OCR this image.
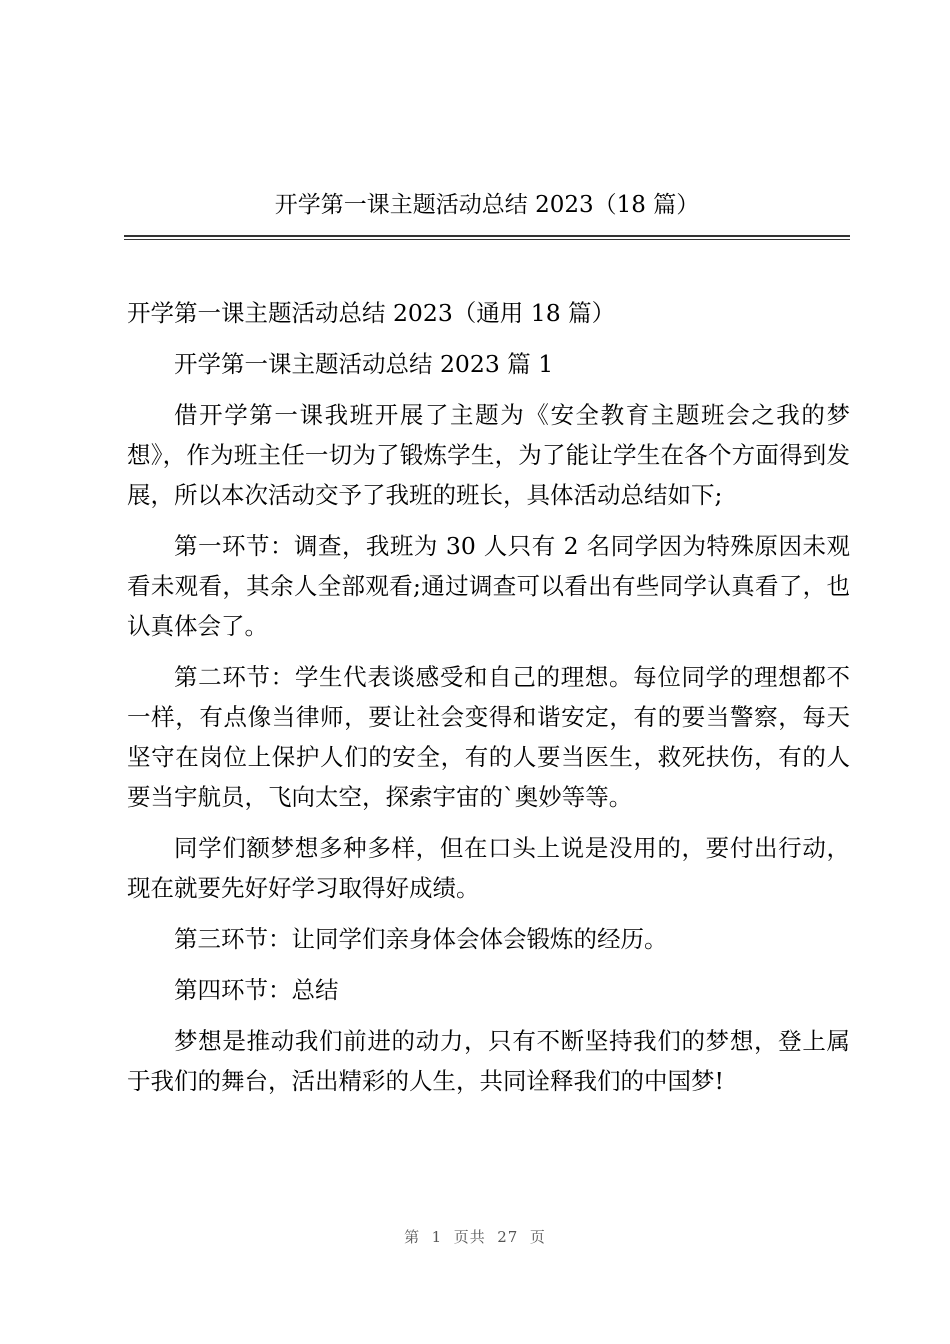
开学第一课主题活动总结 2023（18 篇）

开学第一课主题活动总结 2023（通用 18 篇）

开学第一课主题活动总结 2023 篇 1

借开学第一课我班开展了主题为《安全教育主题班会之我的梦想》，作为班主任一切为了锻炼学生，为了能让学生在各个方面得到发展，所以本次活动交予了我班的班长，具体活动总结如下;

第一环节：调查，我班为 30 人只有 2 名同学因为特殊原因未观看未观看，其余人全部观看;通过调查可以看出有些同学认真看了，也认真体会了。

第二环节：学生代表谈感受和自己的理想。每位同学的理想都不一样，有点像当律师，要让社会变得和谐安定，有的要当警察，每天坚守在岗位上保护人们的安全，有的人要当医生，救死扶伤，有的人要当宇航员，飞向太空，探索宇宙的`奥妙等等。

同学们额梦想多种多样，但在口头上说是没用的，要付出行动，现在就要先好好学习取得好成绩。

第三环节：让同学们亲身体会体会锻炼的经历。

第四环节：总结

梦想是推动我们前进的动力，只有不断坚持我们的梦想，登上属于我们的舞台，活出精彩的人生，共同诠释我们的中国梦!

第  1  页共  27  页
